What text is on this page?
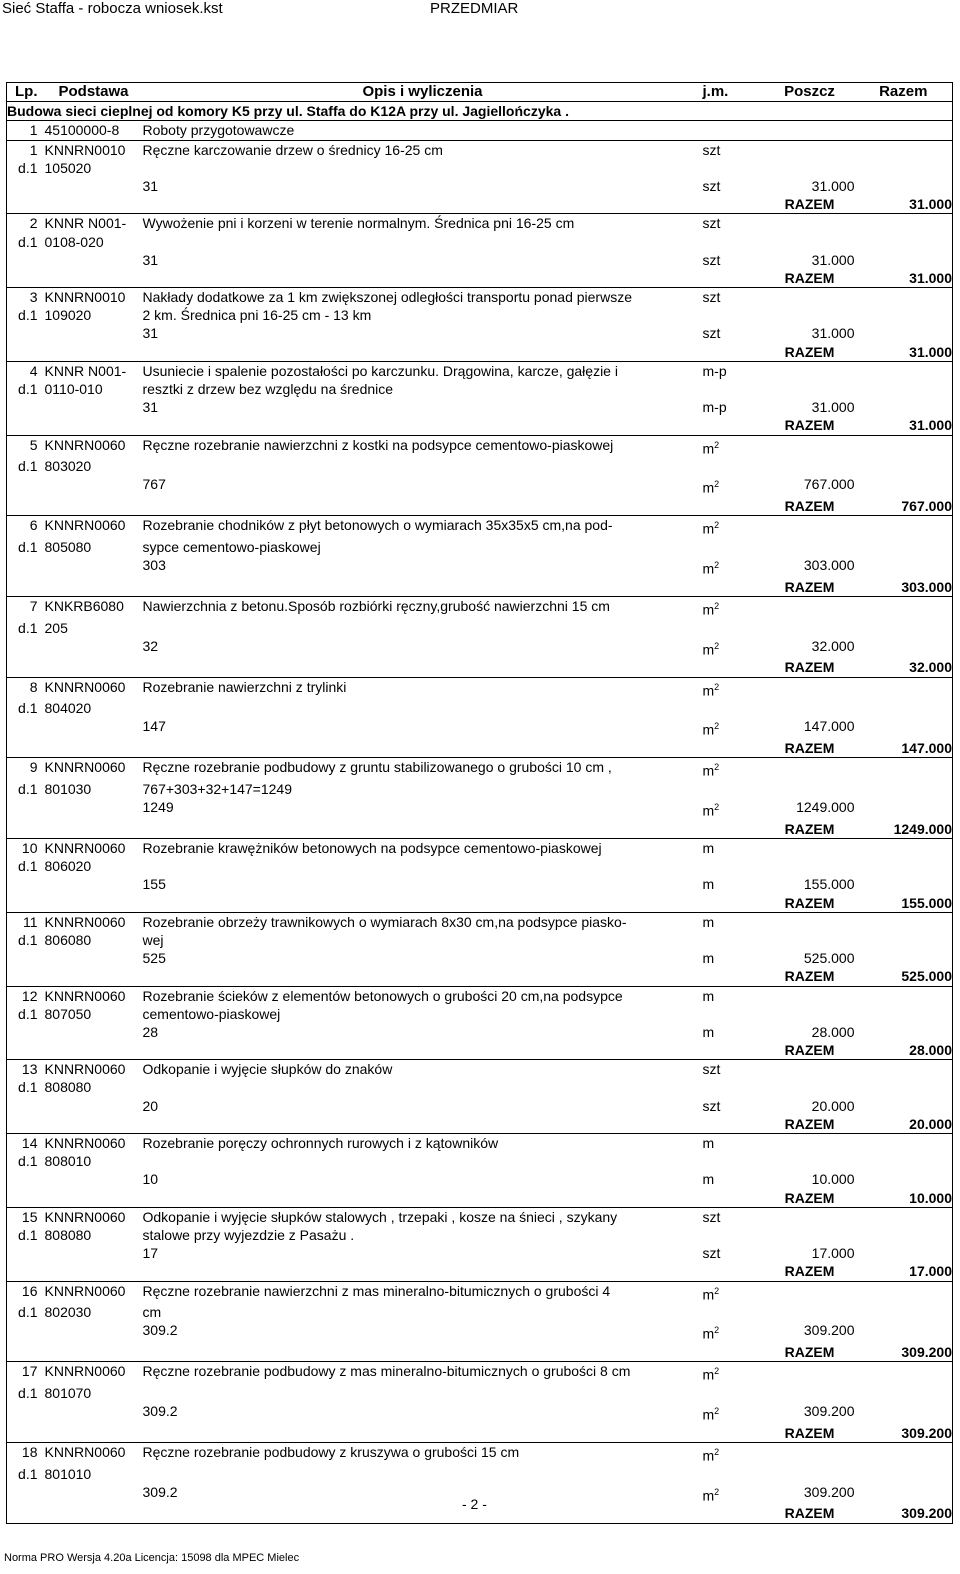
Sieć Staffa - robocza wniosek.kst	PRZEDMIAR
Lp.		Podstawa	Opis i wyliczenia	j.m.	Poszcz	Razem
Budowa sieci cieplnej od komory K5 przy ul. Staffa do K12A przy ul. Jagiellończyka .						
1		45100000-8	Roboty przygotowawcze			
1		KNNRN0010	Ręczne karczowanie drzew o średnicy 16-25 cm	szt		
d.1		105020				
			31	szt	31.000	
					RAZEM	31.000
2		KNNR N001-	Wywożenie pni i korzeni w terenie normalnym. Średnica pni 16-25 cm	szt		
d.1		0108-020				
			31	szt	31.000	
					RAZEM	31.000
3		KNNRN0010	Nakłady dodatkowe za 1 km zwiększonej odległości transportu ponad pierwsze	szt		
d.1		109020	2 km. Średnica pni 16-25 cm - 13 km			
			31	szt	31.000	
					RAZEM	31.000
4		KNNR N001-	Usuniecie i spalenie pozostałości po karczunku. Drągowina, karcze, gałęzie i	m-p		
d.1		0110-010	resztki z drzew bez względu na średnice			
			31	m-p	31.000	
					RAZEM	31.000
5		KNNRN0060	Ręczne rozebranie nawierzchni z kostki na podsypce cementowo-piaskowej	$m^2$		
d.1		803020				
			767	$m^2$	767.000	
					RAZEM	767.000
6		KNNRN0060	Rozebranie chodników z płyt betonowych o wymiarach 35x35x5 cm,na pod-	$m^2$		
d.1		805080	sypce cementowo-piaskowej			
			303	$m^2$	303.000	
					RAZEM	303.000
7		KNKRB6080	Nawierzchnia z betonu.Sposób rozbiórki ręczny,grubość nawierzchni 15 cm	$m^2$		
d.1		205				
			32	$m^2$	32.000	
					RAZEM	32.000
8		KNNRN0060	Rozebranie nawierzchni z trylinki	$m^2$		
d.1		804020				
			147	$m^2$	147.000	
					RAZEM	147.000
9		KNNRN0060	Ręczne rozebranie podbudowy z gruntu stabilizowanego o grubości 10 cm ,	$m^2$		
d.1		801030	767+303+32+147=1249			
			1249	$m^2$	1249.000	
					RAZEM	1249.000
10		KNNRN0060	Rozebranie krawężników betonowych na podsypce cementowo-piaskowej	m		
d.1		806020				
			155	m	155.000	
					RAZEM	155.000
11		KNNRN0060	Rozebranie obrzeży trawnikowych o wymiarach 8x30 cm,na podsypce piasko-	m		
d.1		806080	wej			
			525	m	525.000	
					RAZEM	525.000
12		KNNRN0060	Rozebranie ścieków z elementów betonowych o grubości 20 cm,na podsypce	m		
d.1		807050	cementowo-piaskowej			
			28	m	28.000	
					RAZEM	28.000
13		KNNRN0060	Odkopanie i wyjęcie słupków do znaków	szt		
d.1		808080				
			20	szt	20.000	
					RAZEM	20.000
14		KNNRN0060	Rozebranie poręczy ochronnych rurowych i z kątowników	m		
d.1		808010				
			10	m	10.000	
					RAZEM	10.000
15		KNNRN0060	Odkopanie i wyjęcie słupków stalowych , trzepaki , kosze na śnieci , szykany	szt		
d.1		808080	stalowe przy wyjezdzie z Pasażu .			
			17	szt	17.000	
					RAZEM	17.000
16		KNNRN0060	Ręczne rozebranie nawierzchni z mas mineralno-bitumicznych o grubości 4	$m^2$		
d.1		802030	cm			
			309.2	$m^2$	309.200	
					RAZEM	309.200
17		KNNRN0060	Ręczne rozebranie podbudowy z mas mineralno-bitumicznych o grubości 8 cm	$m^2$		
d.1		801070				
			309.2	$m^2$	309.200	
					RAZEM	309.200
18		KNNRN0060	Ręczne rozebranie podbudowy z kruszywa o grubości 15 cm	$m^2$		
d.1		801010				
			309.2	$m^2$	309.200	
					RAZEM	309.200
- 2 -
Norma PRO Wersja 4.20a Licencja: 15098 dla MPEC Mielec
